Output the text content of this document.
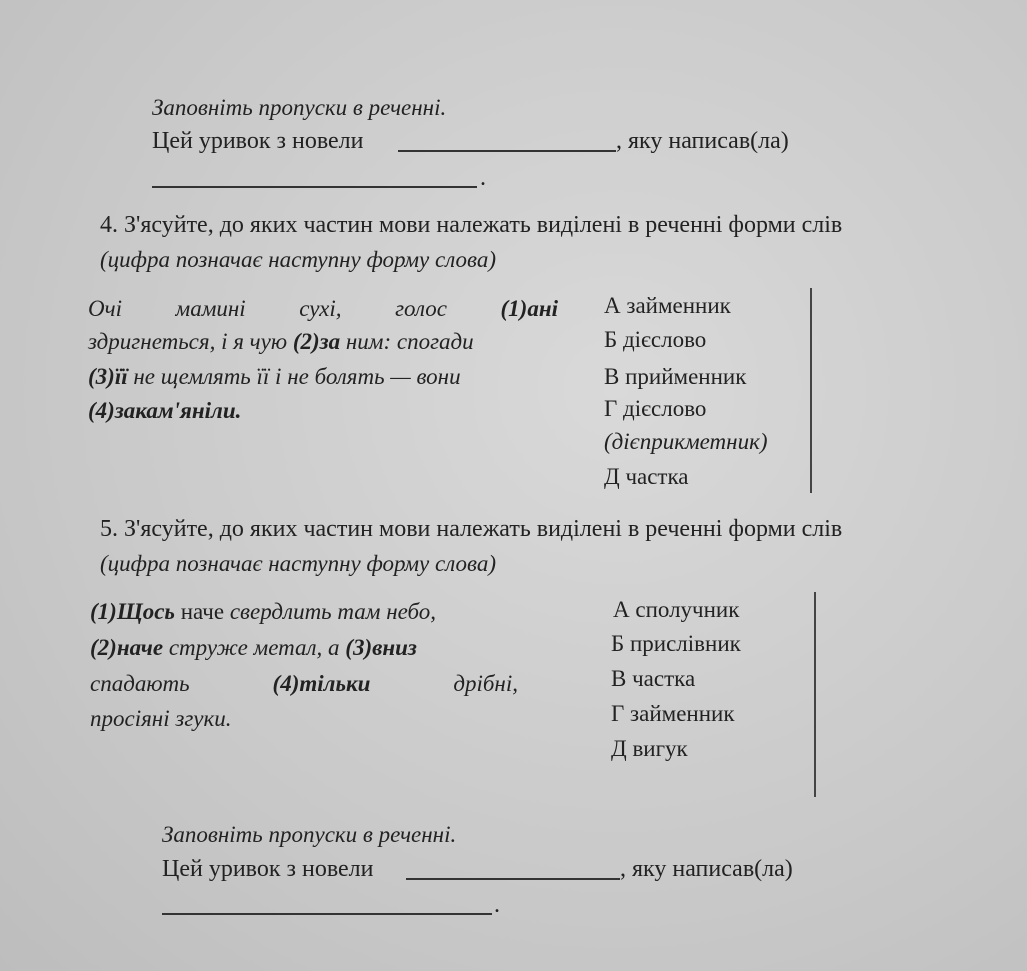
Заповніть пропуски в реченні.
Цей уривок з новели	, яку написав(ла)
.
4. З'ясуйте, до яких частин мови належать виділені в реченні форми слів
(цифра позначає наступну форму слова)
Очі мамині сухі, голос (1)ані
здригнеться, і я чую (2)за ним: спогади
(3)її не щемлять її і не болять — вони
(4)закам'яніли.
А займенник
Б дієслово
В прийменник
Г дієслово
(дієприкметник)
Д частка
5. З'ясуйте, до яких частин мови належать виділені в реченні форми слів
(цифра позначає наступну форму слова)
(1)Щось наче свердлить там небо,
(2)наче струже метал, а (3)вниз
спадають	(4)тільки	дрібні,
просіяні згуки.
А сполучник
Б прислівник
В частка
Г займенник
Д вигук
Заповніть пропуски в реченні.
Цей уривок з новели	, яку написав(ла)
.
